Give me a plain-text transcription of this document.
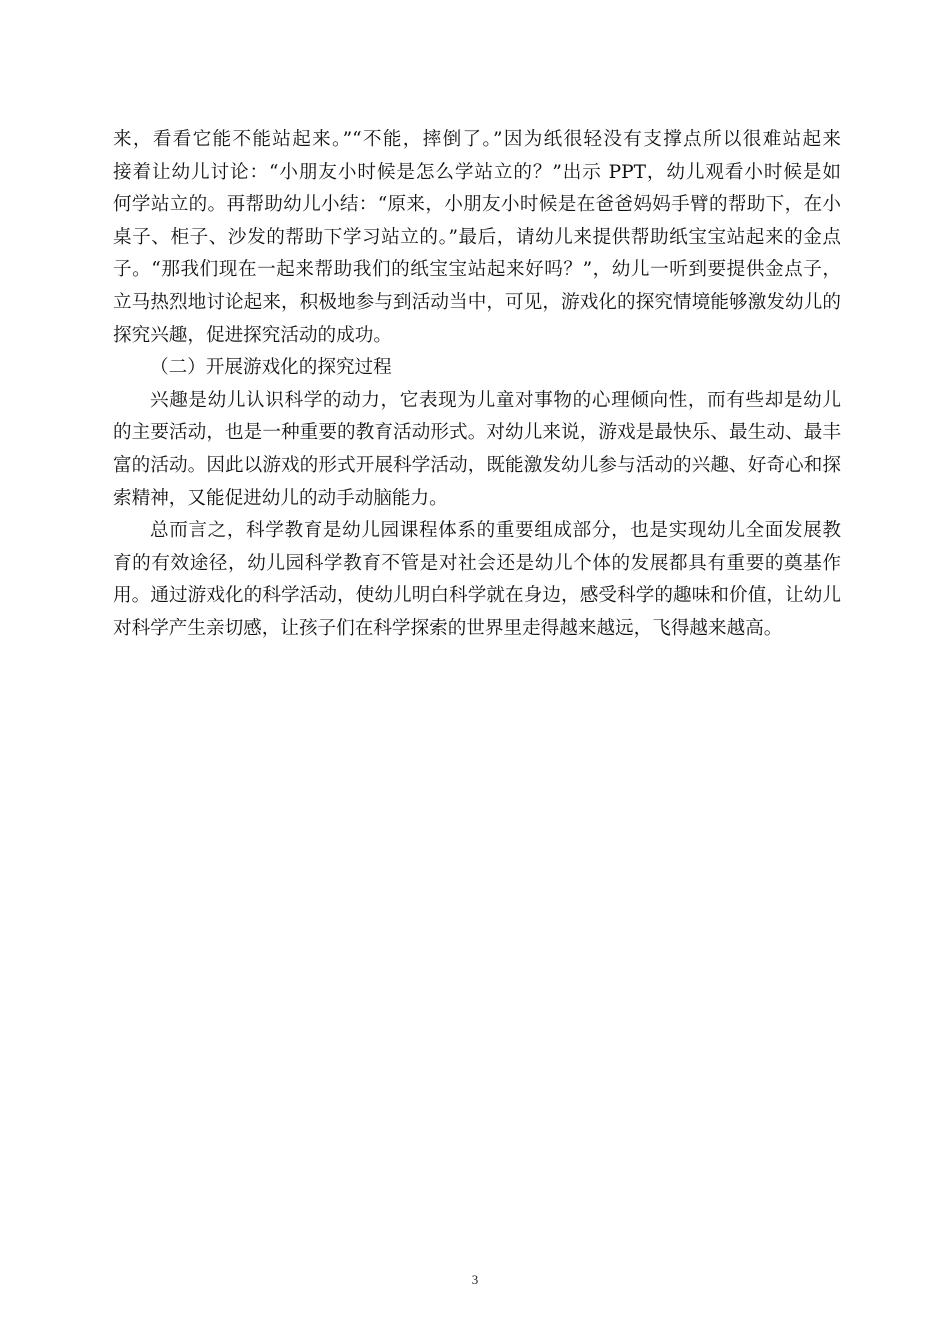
来，看看它能不能站起来。”“不能，摔倒了。”因为纸很轻没有支撑点所以很难站起来
接着让幼儿讨论：“小朋友小时候是怎么学站立的？”出示 PPT，幼儿观看小时候是如
何学站立的。再帮助幼儿小结：“原来，小朋友小时候是在爸爸妈妈手臂的帮助下，在小
桌子、柜子、沙发的帮助下学习站立的。”最后，请幼儿来提供帮助纸宝宝站起来的金点
子。“那我们现在一起来帮助我们的纸宝宝站起来好吗？”，幼儿一听到要提供金点子，
立马热烈地讨论起来，积极地参与到活动当中，可见，游戏化的探究情境能够激发幼儿的
探究兴趣，促进探究活动的成功。
（二）开展游戏化的探究过程
兴趣是幼儿认识科学的动力，它表现为儿童对事物的心理倾向性，而有些却是幼儿
的主要活动，也是一种重要的教育活动形式。对幼儿来说，游戏是最快乐、最生动、最丰
富的活动。因此以游戏的形式开展科学活动，既能激发幼儿参与活动的兴趣、好奇心和探
索精神，又能促进幼儿的动手动脑能力。
总而言之，科学教育是幼儿园课程体系的重要组成部分，也是实现幼儿全面发展教
育的有效途径，幼儿园科学教育不管是对社会还是幼儿个体的发展都具有重要的奠基作
用。通过游戏化的科学活动，使幼儿明白科学就在身边，感受科学的趣味和价值，让幼儿
对科学产生亲切感，让孩子们在科学探索的世界里走得越来越远，飞得越来越高。
3
